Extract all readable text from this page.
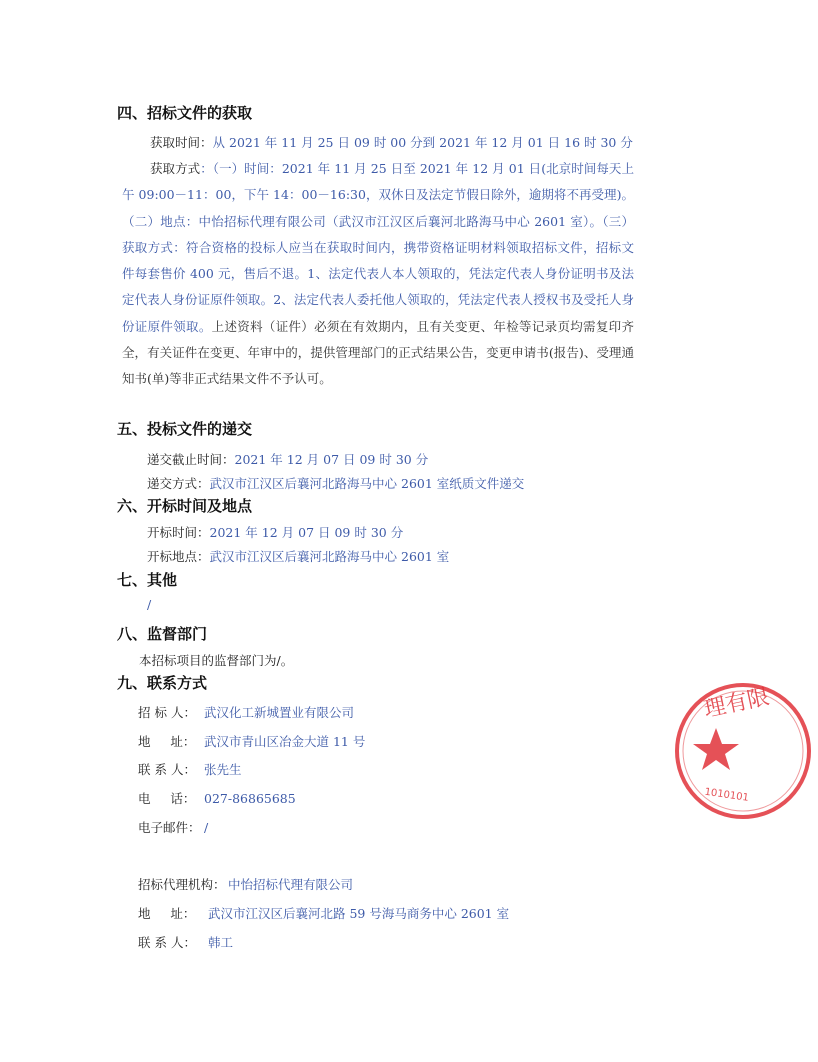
四、招标文件的获取
获取时间：从 2021 年 11 月 25 日 09 时 00 分到 2021 年 12 月 01 日 16 时 30 分
获取方式：（一）时间：2021 年 11 月 25 日至 2021 年 12 月 01 日(北京时间每天上午 09:00－11：00，下午 14：00－16:30，双休日及法定节假日除外，逾期将不再受理)。（二）地点：中怡招标代理有限公司（武汉市江汉区后襄河北路海马中心 2601 室）。（三）获取方式：符合资格的投标人应当在获取时间内，携带资格证明材料领取招标文件，招标文件每套售价 400 元，售后不退。1、法定代表人本人领取的，凭法定代表人身份证明书及法定代表人身份证原件领取。2、法定代表人委托他人领取的，凭法定代表人授权书及受托人身份证原件领取。上述资料（证件）必须在有效期内，且有关变更、年检等记录页均需复印齐全，有关证件在变更、年审中的，提供管理部门的正式结果公告，变更申请书(报告)、受理通知书(单)等非正式结果文件不予认可。
五、投标文件的递交
递交截止时间：2021 年 12 月 07 日 09 时 30 分
递交方式：武汉市江汉区后襄河北路海马中心 2601 室纸质文件递交
六、开标时间及地点
开标时间：2021 年 12 月 07 日 09 时 30 分
开标地点：武汉市江汉区后襄河北路海马中心 2601 室
七、其他
/
八、监督部门
本招标项目的监督部门为/。
九、联系方式
招 标 人： 武汉化工新城置业有限公司
地     址： 武汉市青山区冶金大道 11 号
联 系 人： 张先生
电     话： 027-86865685
电子邮件： /
招标代理机构： 中怡招标代理有限公司
地     址： 武汉市江汉区后襄河北路 59 号海马商务中心 2601 室
联 系 人： 韩工
理有限
1010101
